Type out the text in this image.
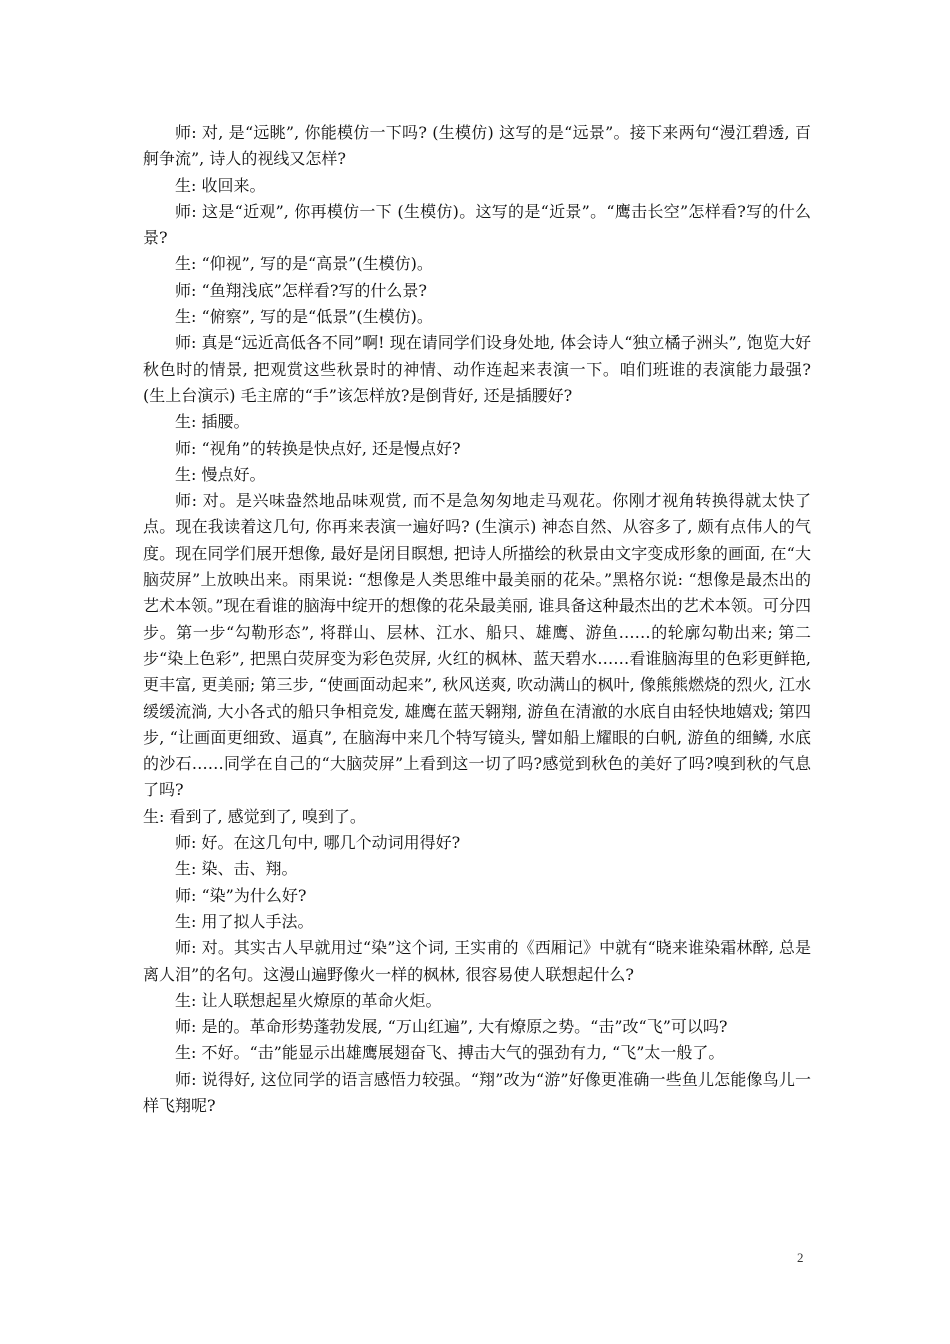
师: 对, 是“远眺”, 你能模仿一下吗? (生模仿) 这写的是“远景”。接下来两句“漫江碧透, 百舸争流”, 诗人的视线又怎样?

生: 收回来。

师: 这是“近观”, 你再模仿一下 (生模仿)。这写的是“近景”。“鹰击长空”怎样看?写的什么景?

生: “仰视”, 写的是“高景”(生模仿)。

师: “鱼翔浅底”怎样看?写的什么景?

生: “俯察”, 写的是“低景”(生模仿)。

师: 真是“远近高低各不同”啊! 现在请同学们设身处地, 体会诗人“独立橘子洲头”, 饱览大好秋色时的情景, 把观赏这些秋景时的神情、动作连起来表演一下。咱们班谁的表演能力最强? (生上台演示) 毛主席的“手”该怎样放?是倒背好, 还是插腰好?

生: 插腰。

师: “视角”的转换是快点好, 还是慢点好?

生: 慢点好。

师: 对。是兴味盎然地品味观赏, 而不是急匆匆地走马观花。你刚才视角转换得就太快了点。现在我读着这几句, 你再来表演一遍好吗? (生演示) 神态自然、从容多了, 颇有点伟人的气度。现在同学们展开想像, 最好是闭目瞑想, 把诗人所描绘的秋景由文字变成形象的画面, 在“大脑荧屏”上放映出来。雨果说: “想像是人类思维中最美丽的花朵。”黑格尔说: “想像是最杰出的艺术本领。”现在看谁的脑海中绽开的想像的花朵最美丽, 谁具备这种最杰出的艺术本领。可分四步。第一步“勾勒形态”, 将群山、层林、江水、船只、雄鹰、游鱼……的轮廓勾勒出来; 第二步“染上色彩”, 把黑白荧屏变为彩色荧屏, 火红的枫林、蓝天碧水……看谁脑海里的色彩更鲜艳, 更丰富, 更美丽; 第三步, “使画面动起来”, 秋风送爽, 吹动满山的枫叶, 像熊熊燃烧的烈火, 江水缓缓流淌, 大小各式的船只争相竞发, 雄鹰在蓝天翱翔, 游鱼在清澈的水底自由轻快地嬉戏; 第四步, “让画面更细致、逼真”, 在脑海中来几个特写镜头, 譬如船上耀眼的白帆, 游鱼的细鳞, 水底的沙石……同学在自己的“大脑荧屏”上看到这一切了吗?感觉到秋色的美好了吗?嗅到秋的气息了吗?

生: 看到了, 感觉到了, 嗅到了。

师: 好。在这几句中, 哪几个动词用得好?

生: 染、击、翔。

师: “染”为什么好?

生: 用了拟人手法。

师: 对。其实古人早就用过“染”这个词, 王实甫的《西厢记》中就有“晓来谁染霜林醉, 总是离人泪”的名句。这漫山遍野像火一样的枫林, 很容易使人联想起什么?

生: 让人联想起星火燎原的革命火炬。

师: 是的。革命形势蓬勃发展, “万山红遍”, 大有燎原之势。“击”改“飞”可以吗?

生: 不好。“击”能显示出雄鹰展翅奋飞、搏击大气的强劲有力, “飞”太一般了。

师: 说得好, 这位同学的语言感悟力较强。“翔”改为“游”好像更准确一些鱼儿怎能像鸟儿一样飞翔呢?

2
